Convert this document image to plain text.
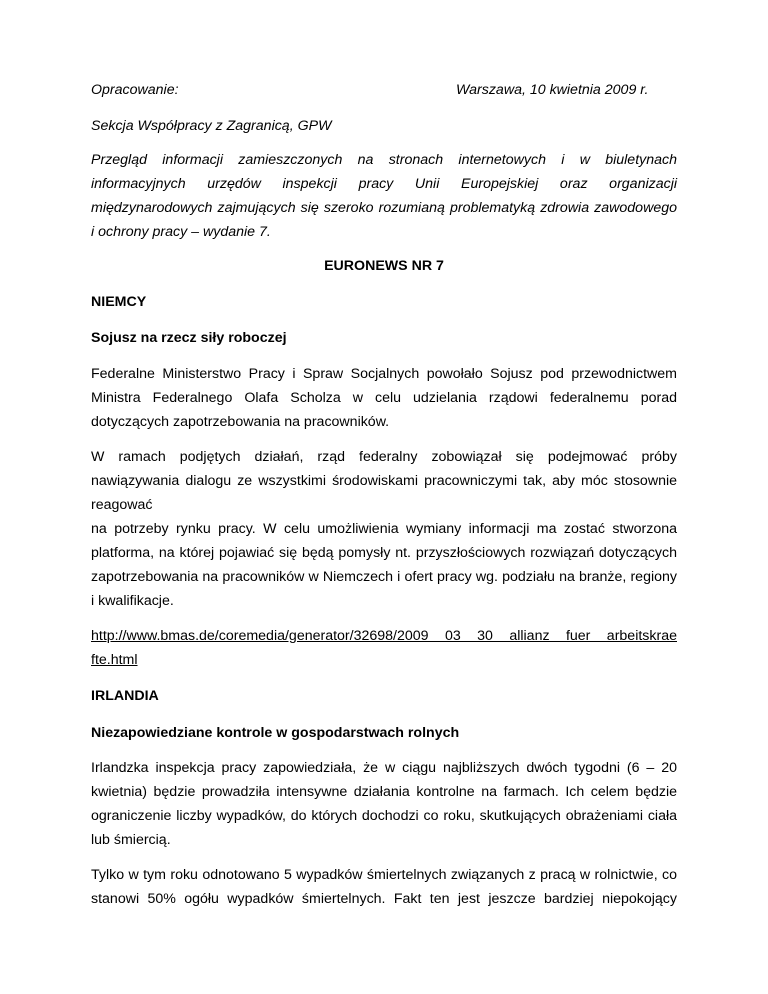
Opracowanie:	Warszawa, 10 kwietnia 2009 r.
Sekcja Współpracy z Zagranicą, GPW
Przegląd informacji zamieszczonych na stronach internetowych i w biuletynach
informacyjnych urzędów inspekcji pracy Unii Europejskiej oraz organizacji
międzynarodowych zajmujących się szeroko rozumianą problematyką zdrowia zawodowego
i ochrony pracy – wydanie 7.
EURONEWS NR 7
NIEMCY
Sojusz na rzecz siły roboczej
Federalne Ministerstwo Pracy i Spraw Socjalnych powołało Sojusz pod przewodnictwem
Ministra Federalnego Olafa Scholza w celu udzielania rządowi federalnemu porad
dotyczących zapotrzebowania na pracowników.
W ramach podjętych działań, rząd federalny zobowiązał się podejmować próby
nawiązywania dialogu ze wszystkimi środowiskami pracowniczymi tak, aby móc stosownie
reagować
na potrzeby rynku pracy. W celu umożliwienia wymiany informacji ma zostać stworzona
platforma, na której pojawiać się będą pomysły nt. przyszłościowych rozwiązań dotyczących
zapotrzebowania na pracowników w Niemczech i ofert pracy wg. podziału na branże, regiony
i kwalifikacje.
http://www.bmas.de/coremedia/generator/32698/2009 03 30 allianz fuer arbeitskrae
fte.html
IRLANDIA
Niezapowiedziane kontrole w gospodarstwach rolnych
Irlandzka inspekcja pracy zapowiedziała, że w ciągu najbliższych dwóch tygodni (6 – 20
kwietnia) będzie prowadziła intensywne działania kontrolne na farmach. Ich celem będzie
ograniczenie liczby wypadków, do których dochodzi co roku, skutkujących obrażeniami ciała
lub śmiercią.
Tylko w tym roku odnotowano 5 wypadków śmiertelnych związanych z pracą w rolnictwie, co
stanowi 50% ogółu wypadków śmiertelnych. Fakt ten jest jeszcze bardziej niepokojący
